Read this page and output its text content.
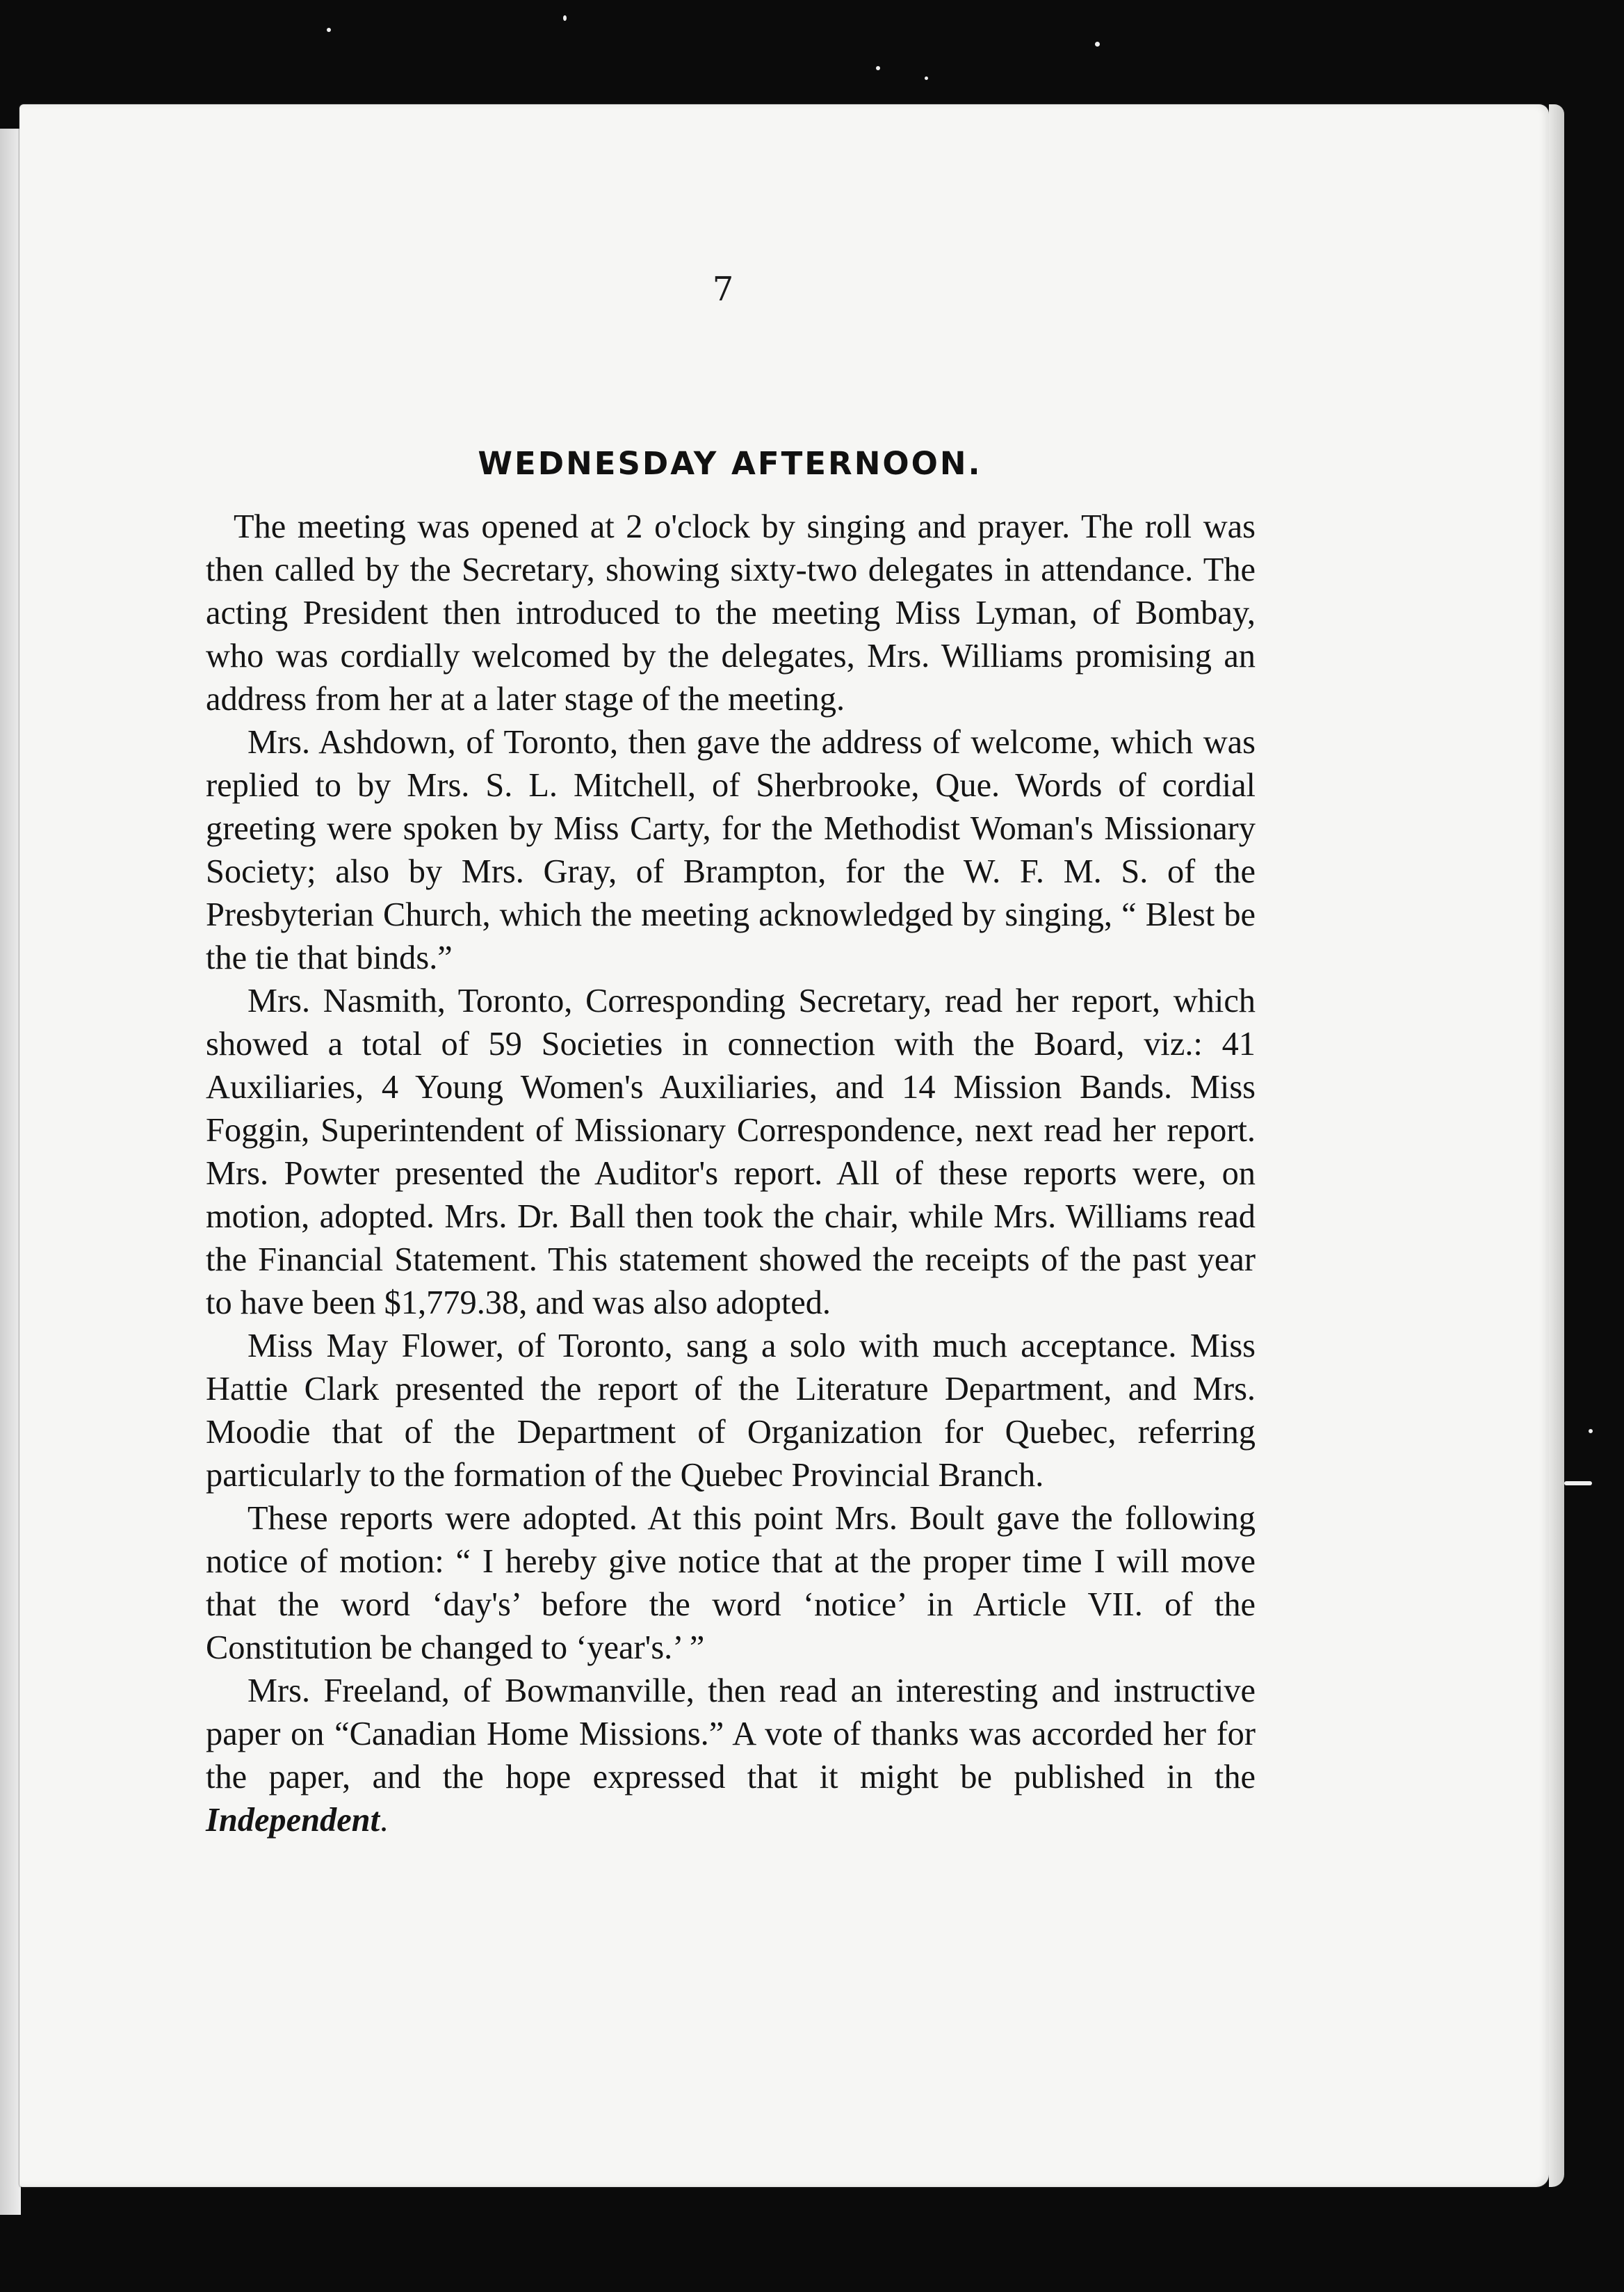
7
WEDNESDAY AFTERNOON.

The meeting was opened at 2 o'clock by singing and prayer. The roll was then called by the Secretary, showing sixty-two delegates in attendance. The acting President then introduced to the meeting Miss Lyman, of Bombay, who was cordially welcomed by the delegates, Mrs. Williams promising an address from her at a later stage of the meeting.

Mrs. Ashdown, of Toronto, then gave the address of welcome, which was replied to by Mrs. S. L. Mitchell, of Sherbrooke, Que. Words of cordial greeting were spoken by Miss Carty, for the Methodist Woman's Missionary Society; also by Mrs. Gray, of Brampton, for the W. F. M. S. of the Presbyterian Church, which the meeting acknowledged by singing, “ Blest be the tie that binds.”

Mrs. Nasmith, Toronto, Corresponding Secretary, read her report, which showed a total of 59 Societies in connection with the Board, viz.: 41 Auxiliaries, 4 Young Women's Auxiliaries, and 14 Mission Bands. Miss Foggin, Superintendent of Missionary Correspondence, next read her report. Mrs. Powter presented the Auditor's report. All of these reports were, on motion, adopted. Mrs. Dr. Ball then took the chair, while Mrs. Williams read the Financial Statement. This statement showed the receipts of the past year to have been $1,779.38, and was also adopted.

Miss May Flower, of Toronto, sang a solo with much acceptance. Miss Hattie Clark presented the report of the Literature Department, and Mrs. Moodie that of the Department of Organization for Quebec, referring particularly to the formation of the Quebec Provincial Branch.

These reports were adopted. At this point Mrs. Boult gave the following notice of motion: “ I hereby give notice that at the proper time I will move that the word ‘day's’ before the word ‘notice’ in Article VII. of the Constitution be changed to ‘year's.’ ”

Mrs. Freeland, of Bowmanville, then read an interesting and instructive paper on “Canadian Home Missions.” A vote of thanks was accorded her for the paper, and the hope expressed that it might be published in the Independent.
